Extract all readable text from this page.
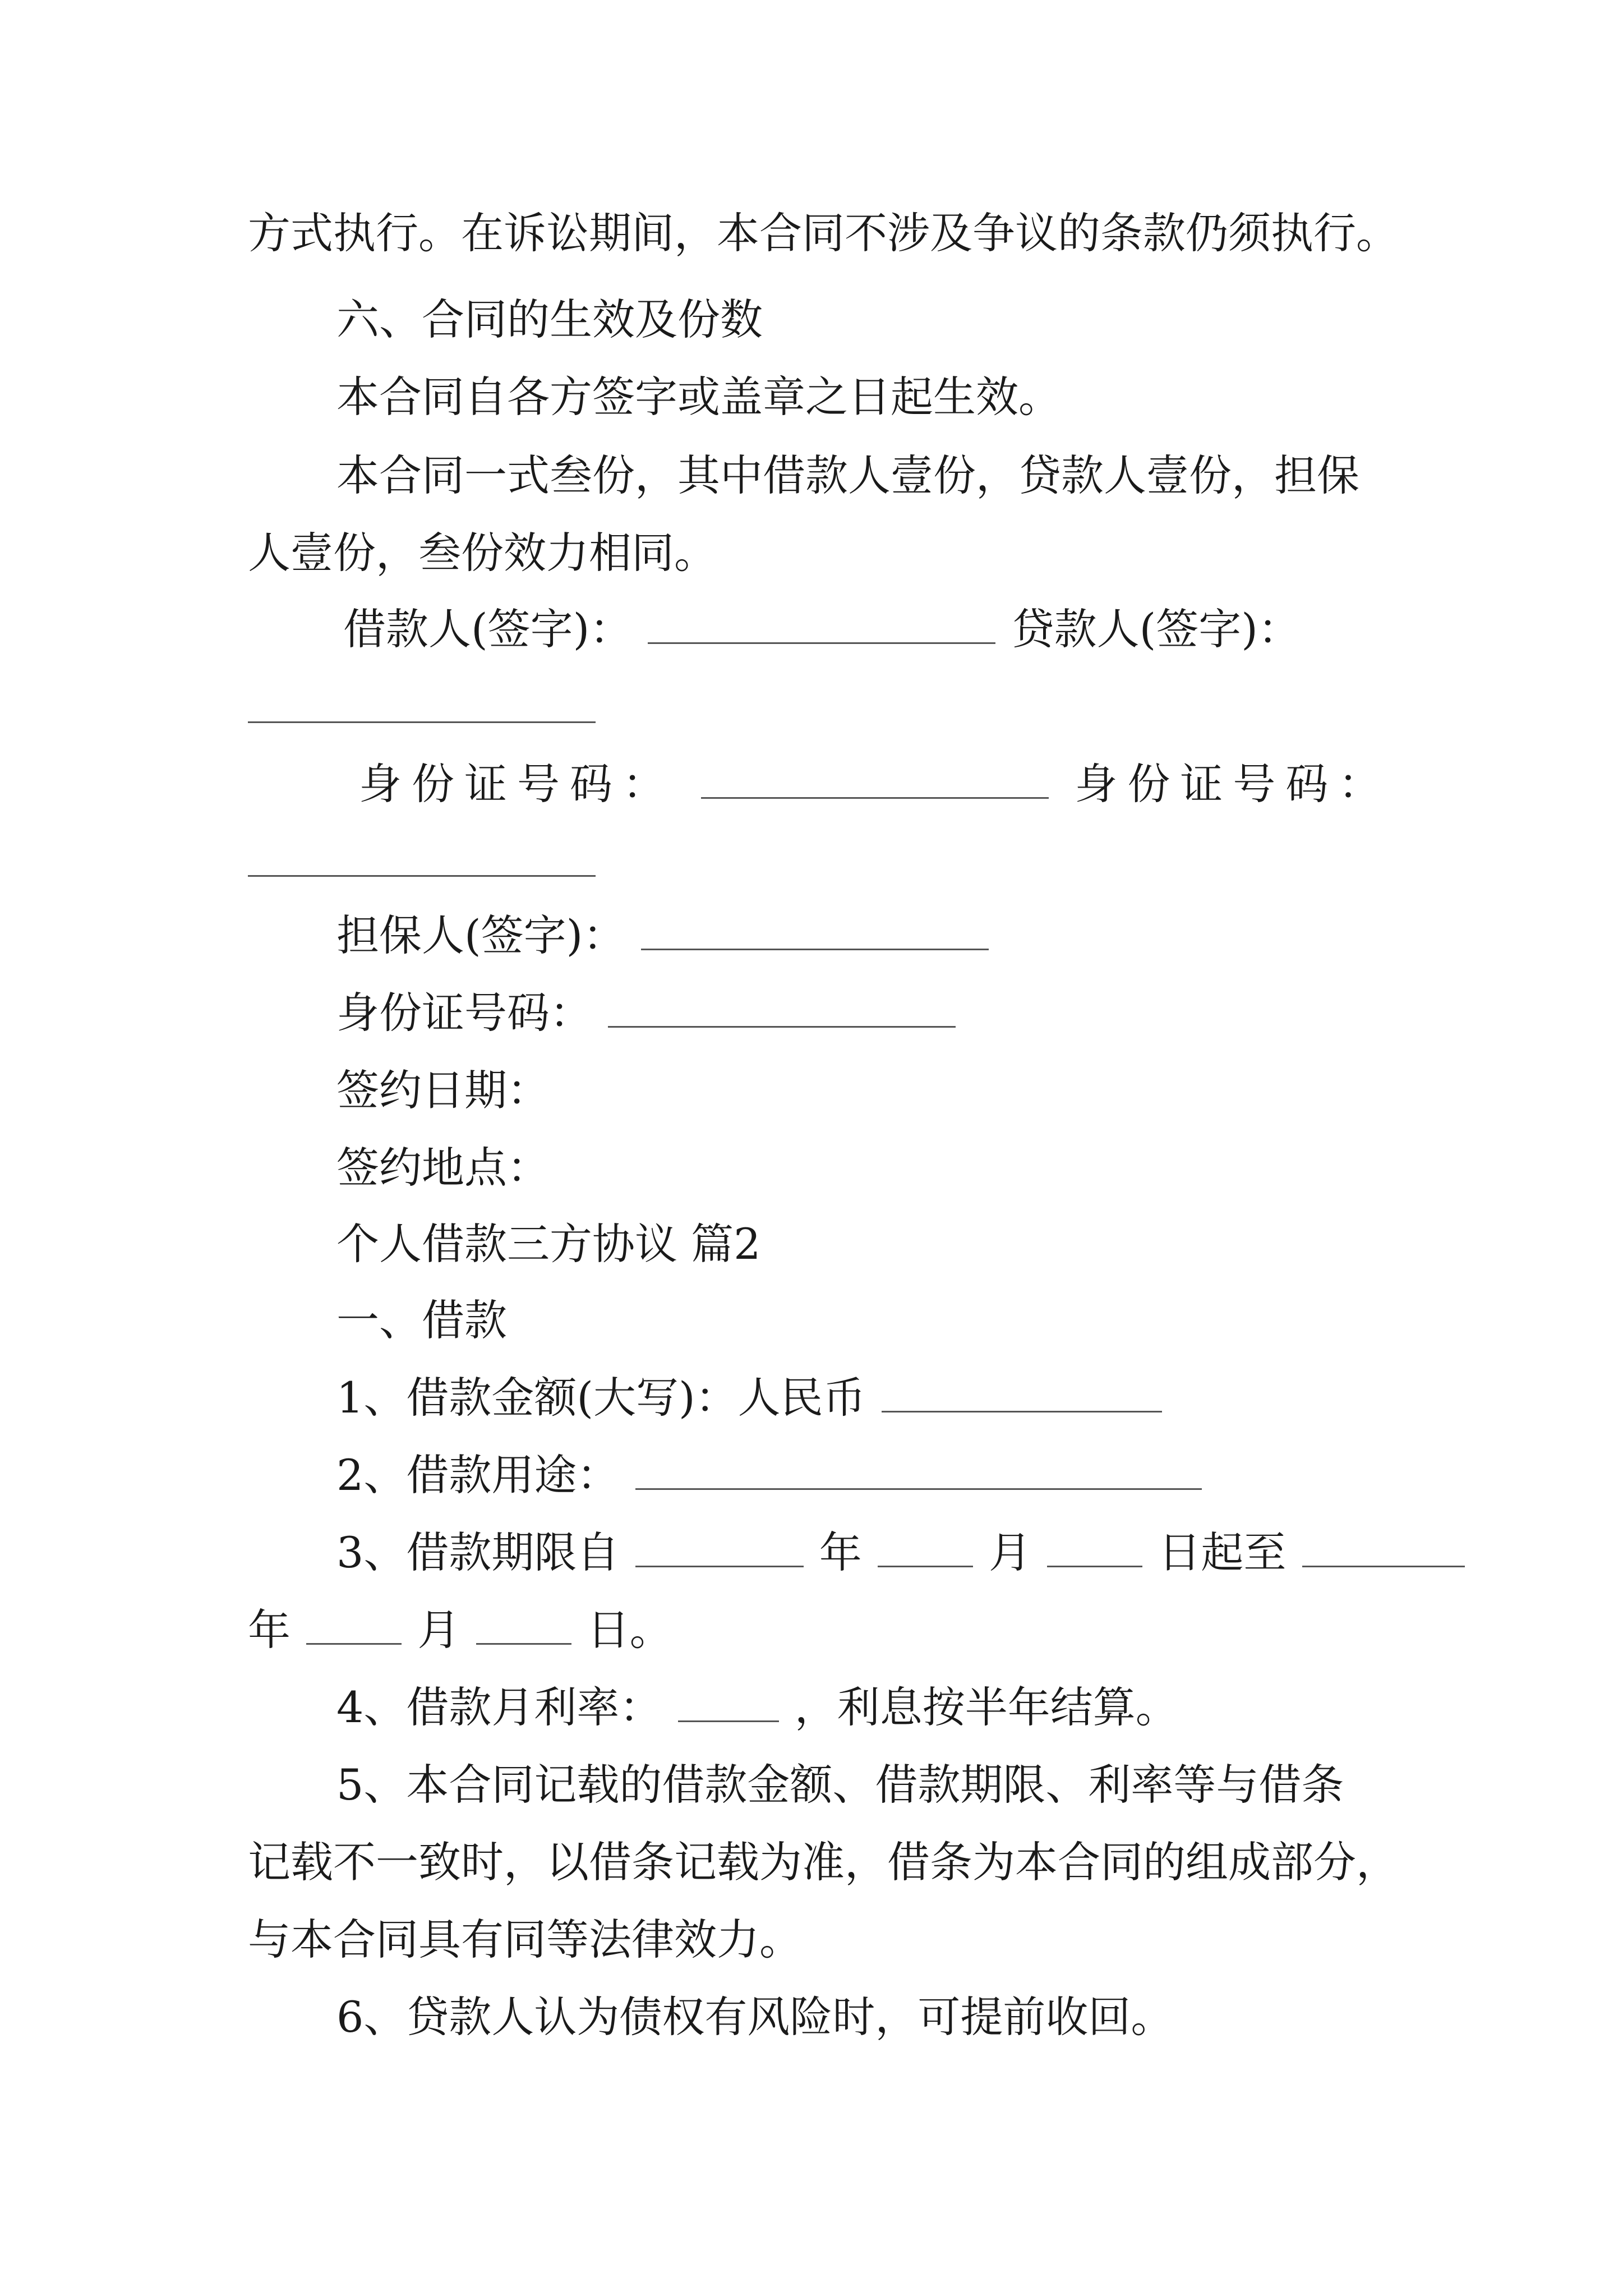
方式执行。在诉讼期间，本合同不涉及争议的条款仍须执行。
六、合同的生效及份数
本合同自各方签字或盖章之日起生效。
本合同一式叁份，其中借款人壹份，贷款人壹份，担保
人壹份，叁份效力相同。
借款人(签字)：	贷款人(签字)：
身份证号码：	身份证号码：
担保人(签字)：
身份证号码：
签约日期：
签约地点：
个人借款三方协议 篇2
一、借款
1、借款金额(大写)：人民币
2、借款用途：
3、借款期限自	年	月	日起至
年	月	日。
4、借款月利率：	，利息按半年结算。
5、本合同记载的借款金额、借款期限、利率等与借条
记载不一致时，以借条记载为准，借条为本合同的组成部分，
与本合同具有同等法律效力。
6、贷款人认为债权有风险时，可提前收回。
